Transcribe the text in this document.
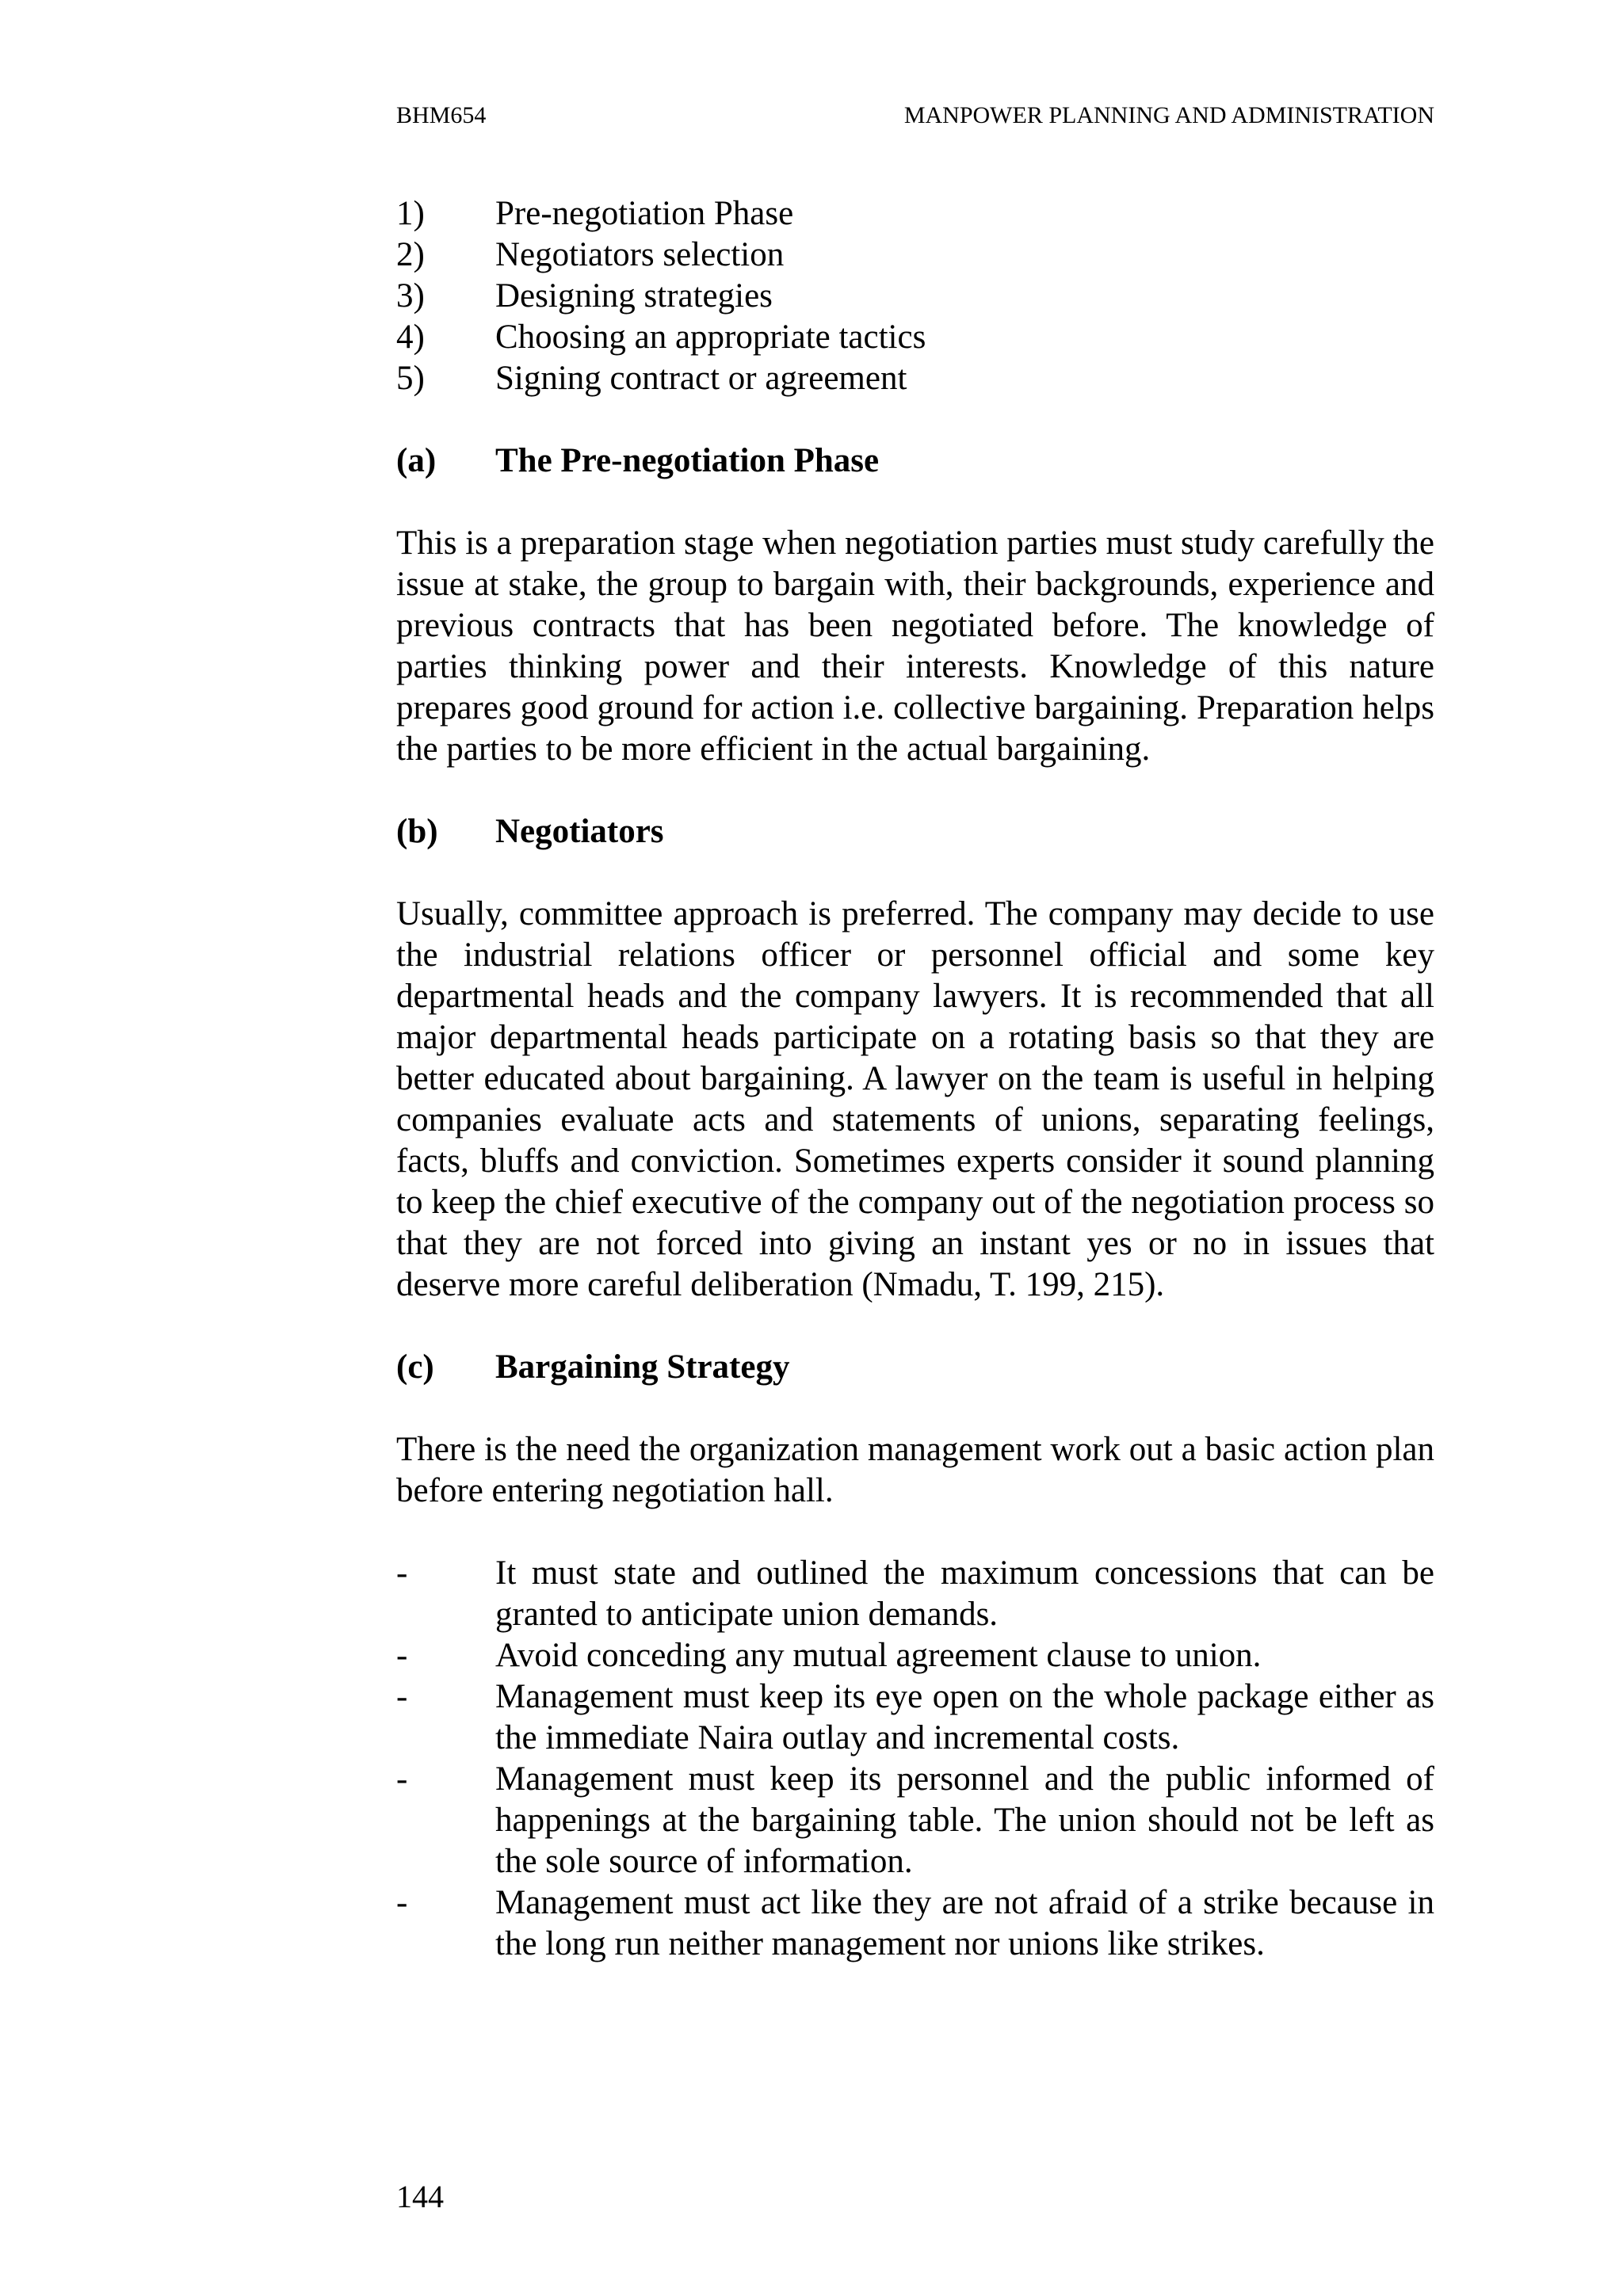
BHM654	MANPOWER PLANNING AND ADMINISTRATION
1)	Pre-negotiation Phase
2)	Negotiators selection
3)	Designing strategies
4)	Choosing an appropriate tactics
5)	Signing contract or agreement
(a)	The Pre-negotiation Phase

This is a preparation stage when negotiation parties must study carefully the issue at stake, the group to bargain with, their backgrounds, experience and previous contracts that has been negotiated before. The knowledge of parties thinking power and their interests. Knowledge of this nature prepares good ground for action i.e. collective bargaining. Preparation helps the parties to be more efficient in the actual bargaining.

(b)	Negotiators

Usually, committee approach is preferred. The company may decide to use the industrial relations officer or personnel official and some key departmental heads and the company lawyers. It is recommended that all major departmental heads participate on a rotating basis so that they are better educated about bargaining. A lawyer on the team is useful in helping companies evaluate acts and statements of unions, separating feelings, facts, bluffs and conviction. Sometimes experts consider it sound planning to keep the chief executive of the company out of the negotiation process so that they are not forced into giving an instant yes or no in issues that deserve more careful deliberation (Nmadu, T. 199, 215).

(c)	Bargaining Strategy

There is the need the organization management work out a basic action plan before entering negotiation hall.

-	It must state and outlined the maximum concessions that can be granted to anticipate union demands.
-	Avoid conceding any mutual agreement clause to union.
-	Management must keep its eye open on the whole package either as the immediate Naira outlay and incremental costs.
-	Management must keep its personnel and the public informed of happenings at the bargaining table. The union should not be left as the sole source of information.
-	Management must act like they are not afraid of a strike because in the long run neither management nor unions like strikes.
144
